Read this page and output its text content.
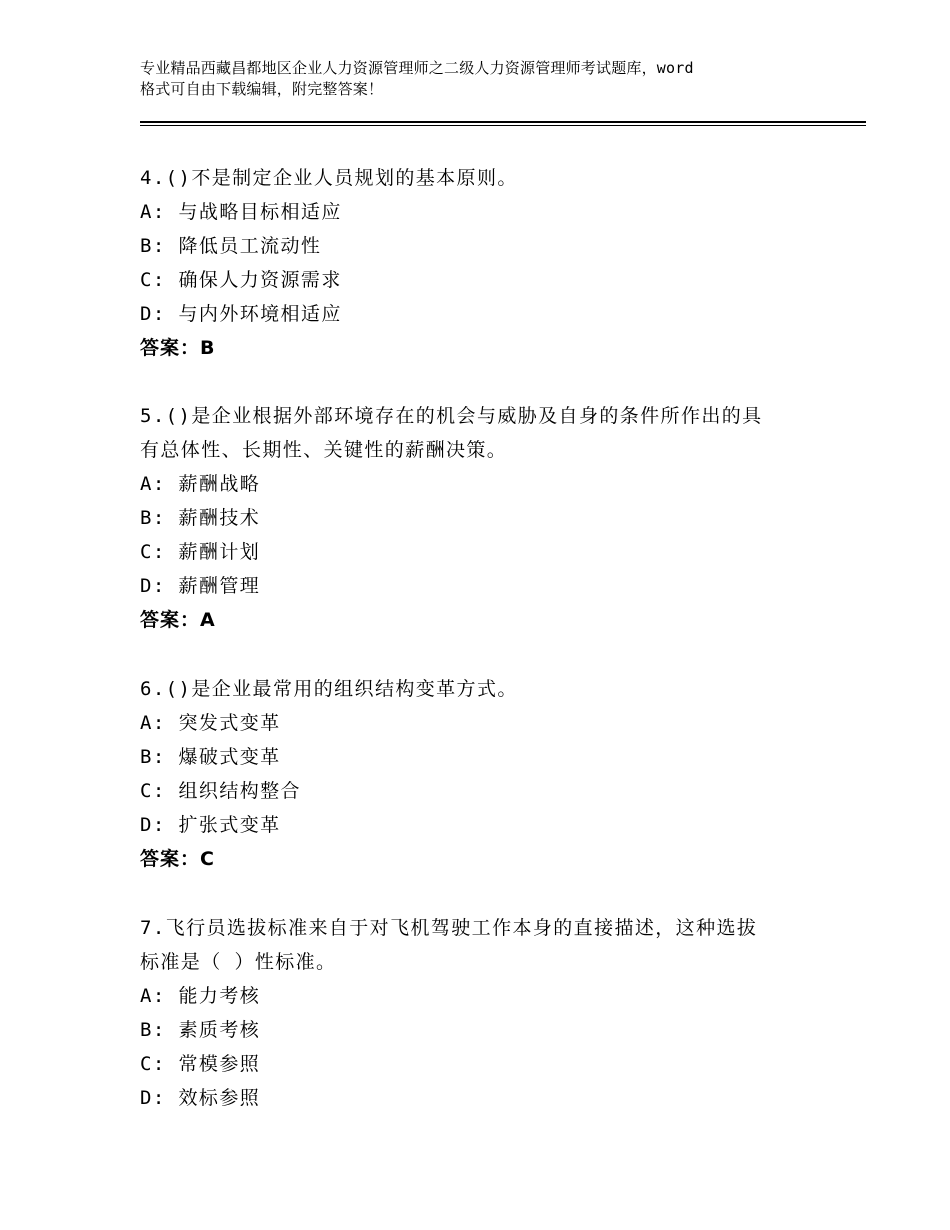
专业精品西藏昌都地区企业人力资源管理师之二级人力资源管理师考试题库，word
格式可自由下载编辑，附完整答案！
4.()不是制定企业人员规划的基本原则。
A: 与战略目标相适应
B: 降低员工流动性
C: 确保人力资源需求
D: 与内外环境相适应
答案：B
5.()是企业根据外部环境存在的机会与威胁及自身的条件所作出的具
有总体性、长期性、关键性的薪酬决策。
A: 薪酬战略
B: 薪酬技术
C: 薪酬计划
D: 薪酬管理
答案：A
6.()是企业最常用的组织结构变革方式。
A: 突发式变革
B: 爆破式变革
C: 组织结构整合
D: 扩张式变革
答案：C
7.飞行员选拔标准来自于对飞机驾驶工作本身的直接描述，这种选拔
标准是（ ）性标准。
A: 能力考核
B: 素质考核
C: 常模参照
D: 效标参照
